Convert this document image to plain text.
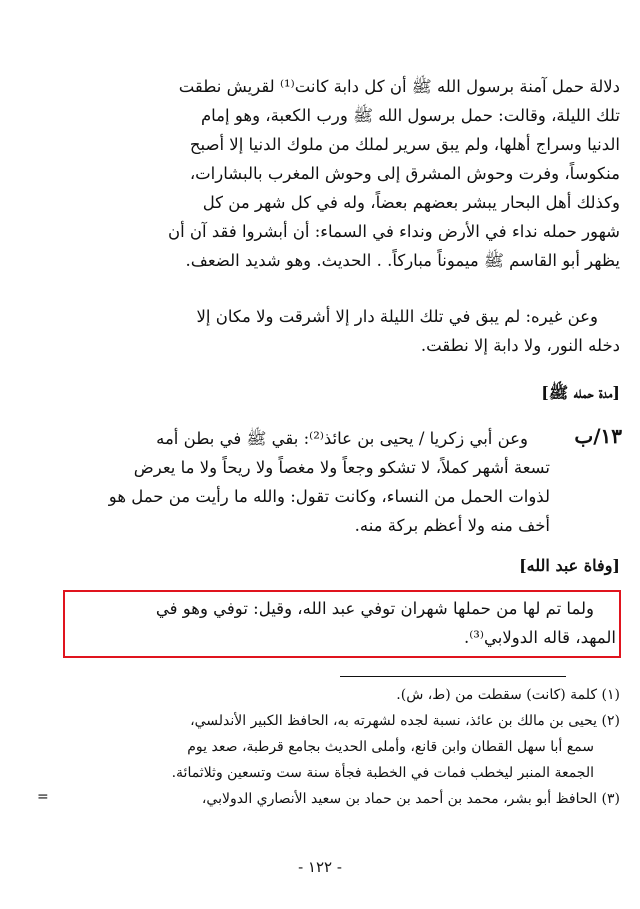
دلالة حمل آمنة برسول الله ﷺ أن كل دابة كانت⁽¹⁾ لقريش نطقت
تلك الليلة، وقالت: حمل برسول الله ﷺ ورب الكعبة، وهو إمام
الدنيا وسراج أهلها، ولم يبق سرير لملك من ملوك الدنيا إلا أصبح
منكوساً، وفرت وحوش المشرق إلى وحوش المغرب بالبشارات،
وكذلك أهل البحار يبشر بعضهم بعضاً، وله في كل شهر من كل
شهور حمله نداء في الأرض ونداء في السماء: أن أبشروا فقد آن أن
يظهر أبو القاسم ﷺ ميموناً مباركاً. . الحديث. وهو شديد الضعف.
وعن غيره: لم يبق في تلك الليلة دار إلا أشرقت ولا مكان إلا
دخله النور، ولا دابة إلا نطقت.
[مدة حمله ﷺ]
١٣/ب
وعن أبي زكريا / يحيى بن عائذ⁽²⁾: بقي ﷺ في بطن أمه
تسعة أشهر كملاً، لا تشكو وجعاً ولا مغصاً ولا ريحاً ولا ما يعرض
لذوات الحمل من النساء، وكانت تقول: والله ما رأيت من حمل هو
أخف منه ولا أعظم بركة منه.
[وفاة عبد الله]
ولما تم لها من حملها شهران توفي عبد الله، وقيل: توفي وهو في
المهد، قاله الدولابي⁽³⁾.
(١) كلمة (كانت) سقطت من (ط، ش).
(٢) يحيى بن مالك بن عائذ، نسبة لجده لشهرته به، الحافظ الكبير الأندلسي،
سمع أبا سهل القطان وابن قانع، وأملى الحديث بجامع قرطبة، صعد يوم
الجمعة المنبر ليخطب فمات في الخطبة فجأة سنة ست وتسعين وثلاثمائة.
(٣) الحافظ أبو بشر، محمد بن أحمد بن حماد بن سعيد الأنصاري الدولابي،
=
- ١٢٢ -
